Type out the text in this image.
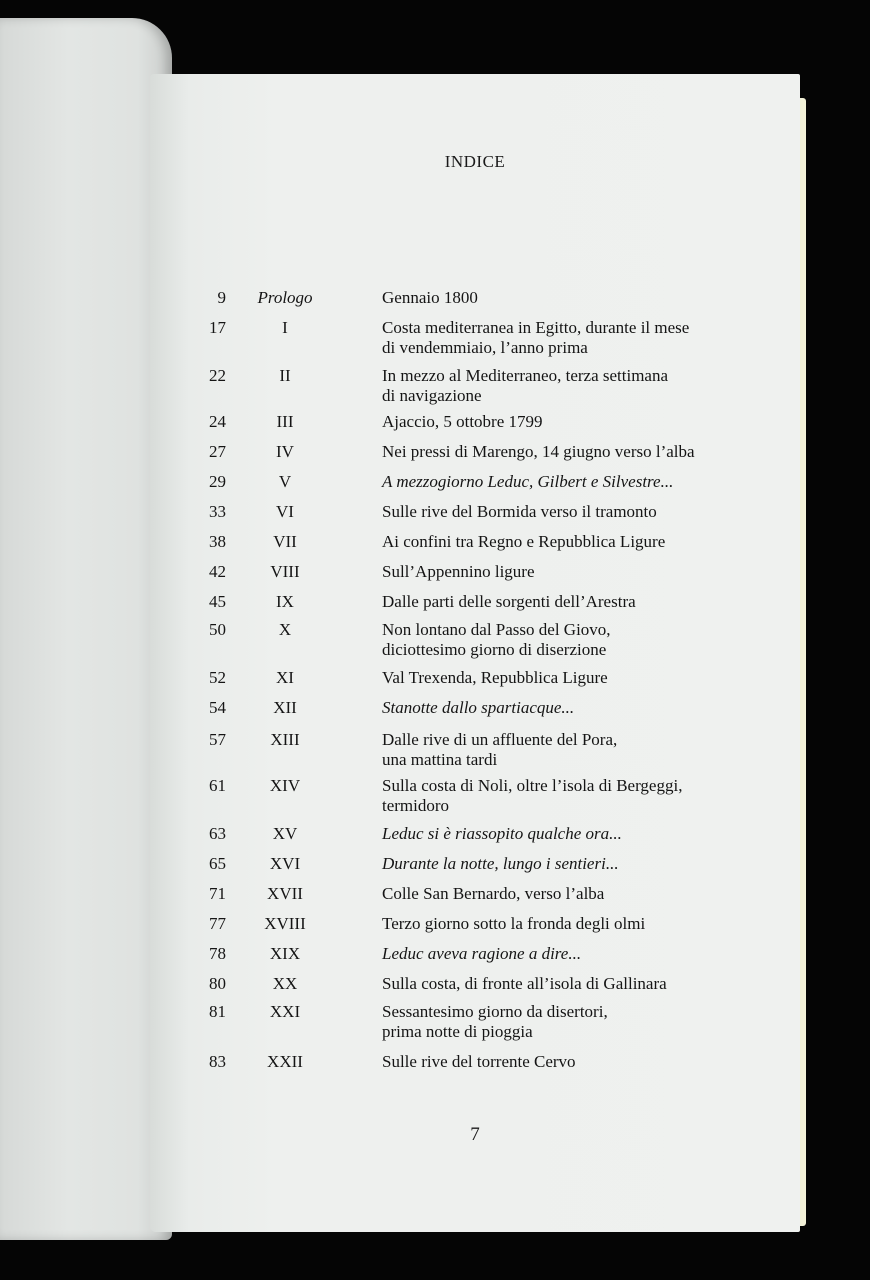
INDICE
9	Prologo	Gennaio 1800
17	I	Costa mediterranea in Egitto, durante il mese
di vendemmiaio, l’anno prima
22	II	In mezzo al Mediterraneo, terza settimana
di navigazione
24	III	Ajaccio, 5 ottobre 1799
27	IV	Nei pressi di Marengo, 14 giugno verso l’alba
29	V	A mezzogiorno Leduc, Gilbert e Silvestre...
33	VI	Sulle rive del Bormida verso il tramonto
38	VII	Ai confini tra Regno e Repubblica Ligure
42	VIII	Sull’Appennino ligure
45	IX	Dalle parti delle sorgenti dell’Arestra
50	X	Non lontano dal Passo del Giovo,
diciottesimo giorno di diserzione
52	XI	Val Trexenda, Repubblica Ligure
54	XII	Stanotte dallo spartiacque...
57	XIII	Dalle rive di un affluente del Pora,
una mattina tardi
61	XIV	Sulla costa di Noli, oltre l’isola di Bergeggi,
termidoro
63	XV	Leduc si è riassopito qualche ora...
65	XVI	Durante la notte, lungo i sentieri...
71	XVII	Colle San Bernardo, verso l’alba
77	XVIII	Terzo giorno sotto la fronda degli olmi
78	XIX	Leduc aveva ragione a dire...
80	XX	Sulla costa, di fronte all’isola di Gallinara
81	XXI	Sessantesimo giorno da disertori,
prima notte di pioggia
83	XXII	Sulle rive del torrente Cervo
7
